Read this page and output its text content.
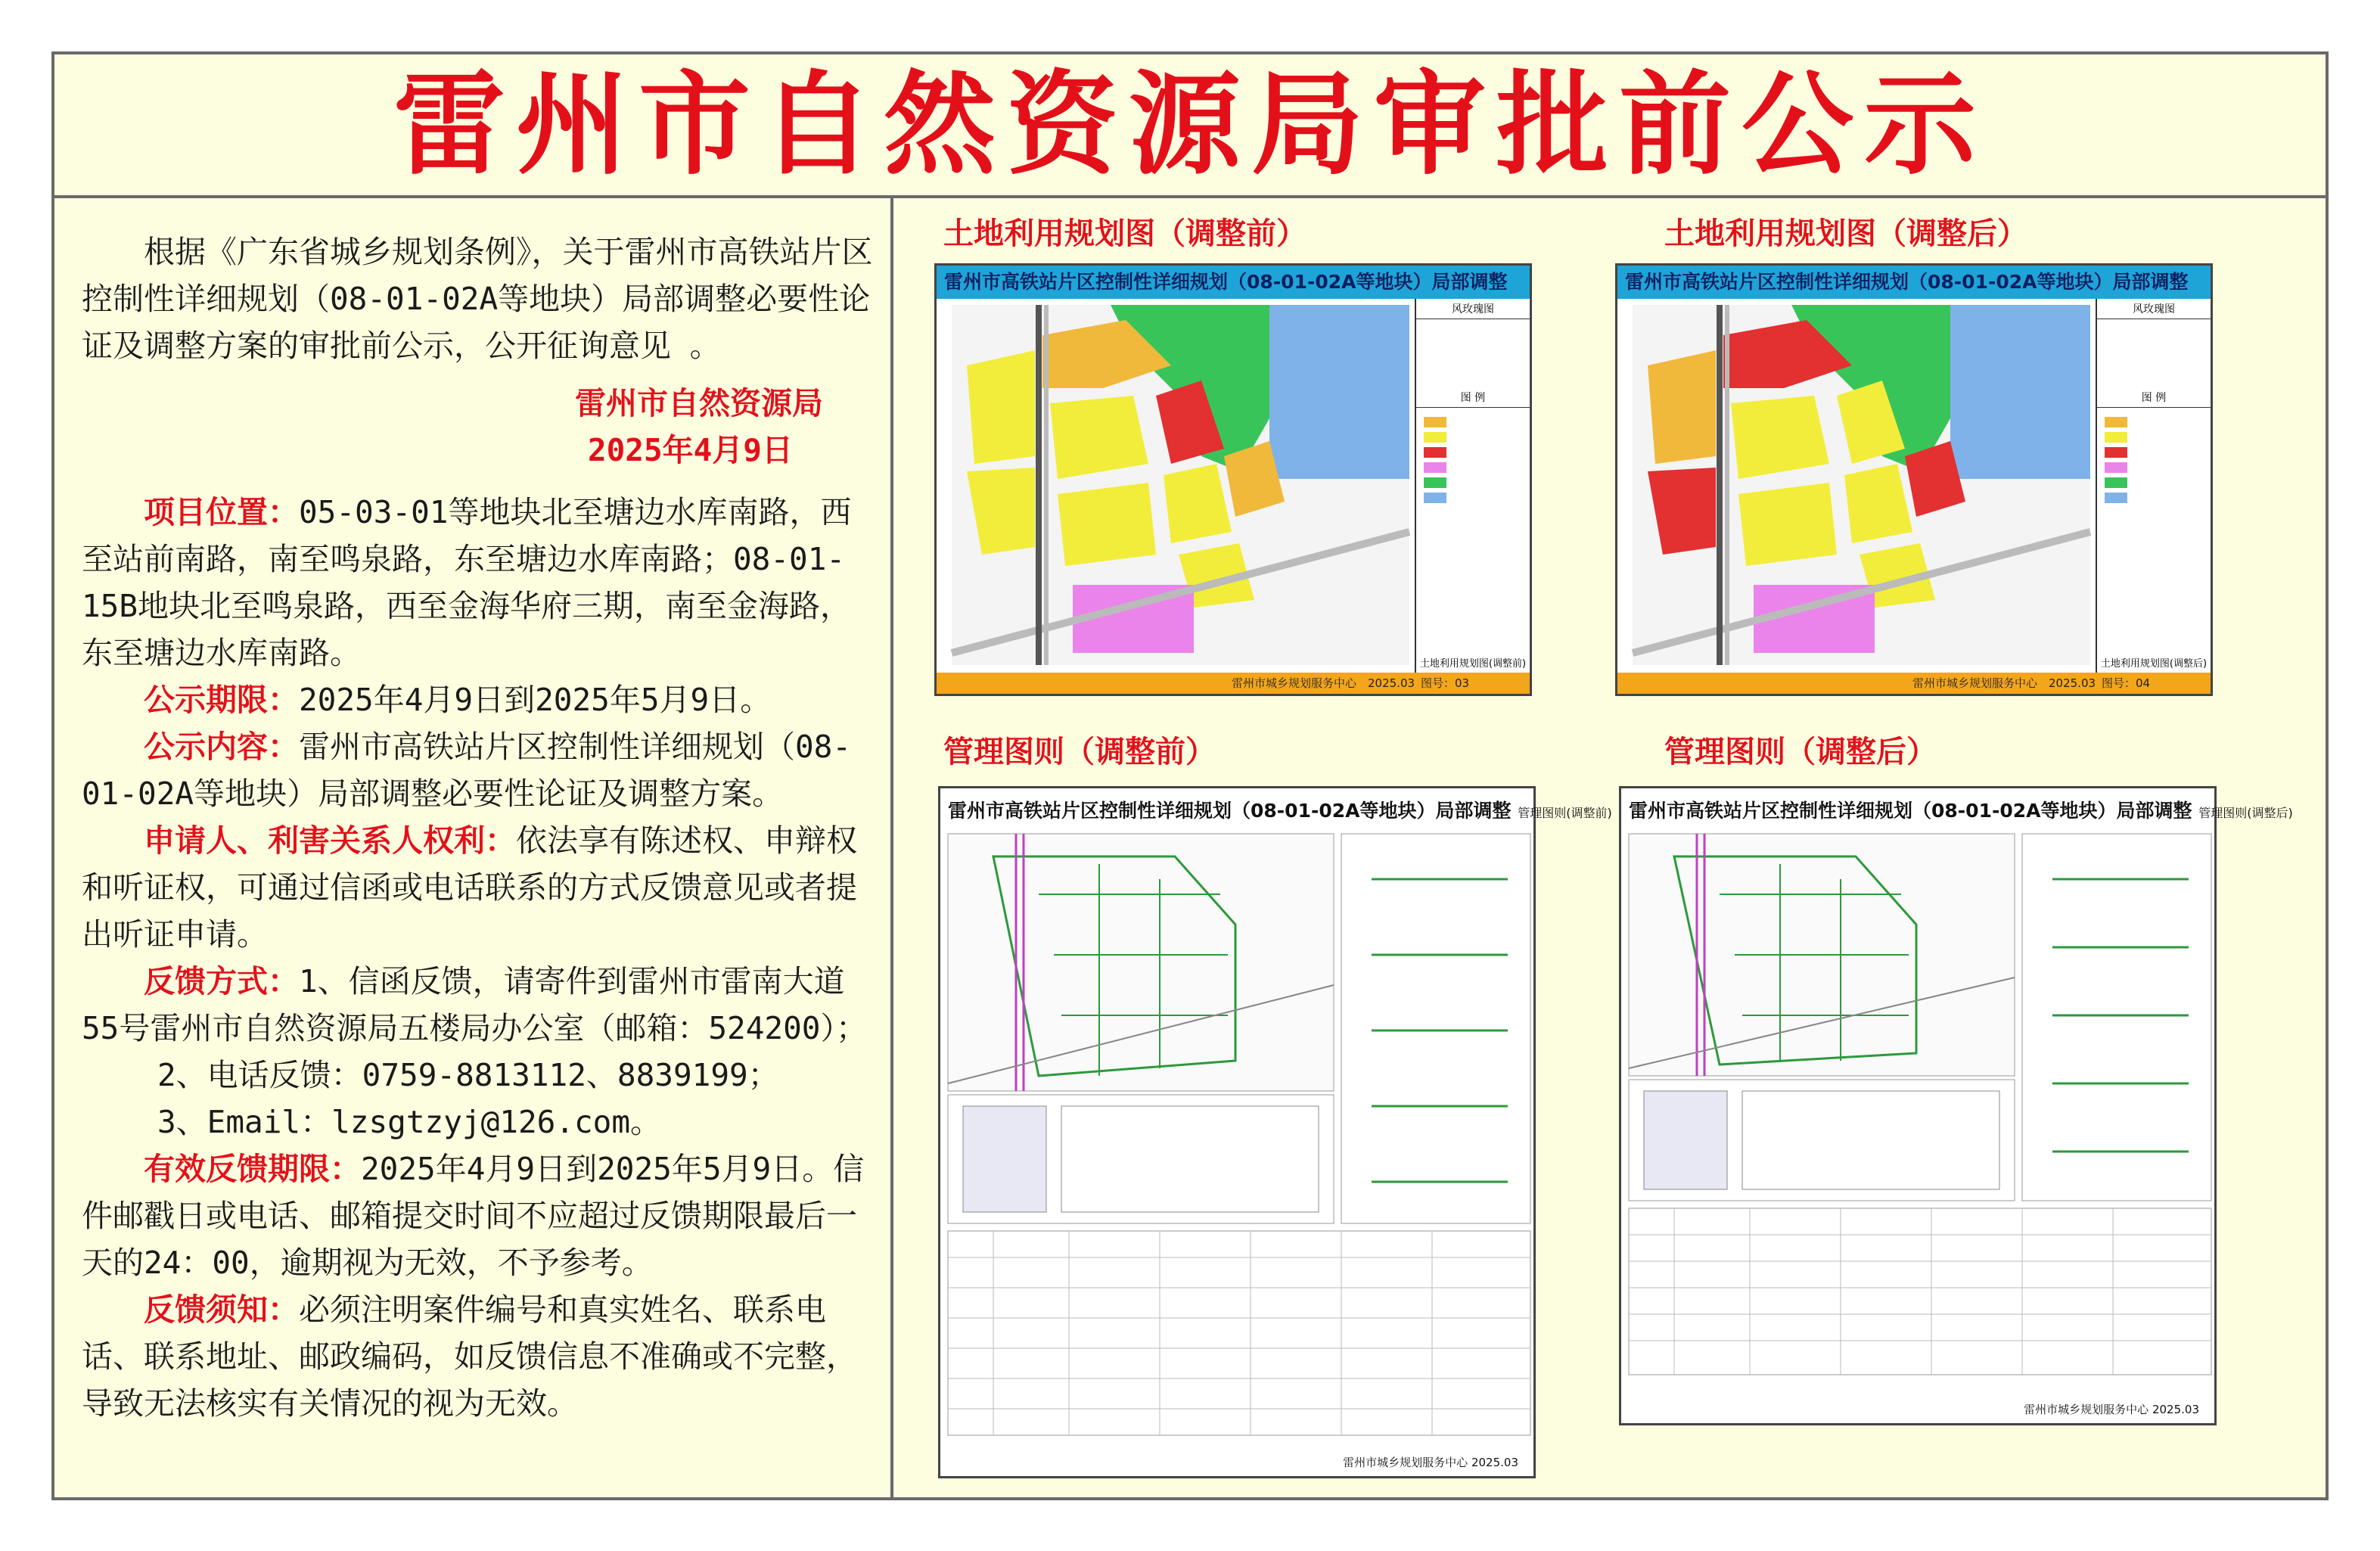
雷州市自然资源局审批前公示

根据《广东省城乡规划条例》，关于雷州市高铁站片区控制性详细规划（08-01-02A等地块）局部调整必要性论证及调整方案的审批前公示，公开征询意见 。

雷州市自然资源局

2025年4月9日

项目位置：05-03-01等地块北至塘边水库南路，西至站前南路，南至鸣泉路，东至塘边水库南路；08-01-15B地块北至鸣泉路，西至金海华府三期，南至金海路，东至塘边水库南路。

公示期限：2025年4月9日到2025年5月9日。

公示内容：雷州市高铁站片区控制性详细规划（08-01-02A等地块）局部调整必要性论证及调整方案。

申请人、利害关系人权利：依法享有陈述权、申辩权和听证权，可通过信函或电话联系的方式反馈意见或者提出听证申请。

反馈方式：1、信函反馈，请寄件到雷州市雷南大道55号雷州市自然资源局五楼局办公室（邮箱：524200）；

2、电话反馈：0759-8813112、8839199；

3、Email：lzsgtzyj@126.com。

有效反馈期限：2025年4月9日到2025年5月9日。信件邮戳日或电话、邮箱提交时间不应超过反馈期限最后一天的24：00，逾期视为无效，不予参考。

反馈须知：必须注明案件编号和真实姓名、联系电话、联系地址、邮政编码，如反馈信息不准确或不完整，导致无法核实有关情况的视为无效。

土地利用规划图（调整前）	土地利用规划图（调整后）
管理图则（调整前）	管理图则（调整后）
雷州市高铁站片区控制性详细规划（08-01-02A等地块）局部调整
风玫瑰图
图 例
土地利用规划图(调整前)
雷州市城乡规划服务中心 2025.03 图号：03
雷州市高铁站片区控制性详细规划（08-01-02A等地块）局部调整
风玫瑰图
图 例
土地利用规划图(调整后)
雷州市城乡规划服务中心 2025.03 图号：04
雷州市高铁站片区控制性详细规划（08-01-02A等地块）局部调整 管理图则(调整前)
雷州市城乡规划服务中心 2025.03
雷州市高铁站片区控制性详细规划（08-01-02A等地块）局部调整 管理图则(调整后)
雷州市城乡规划服务中心 2025.03
